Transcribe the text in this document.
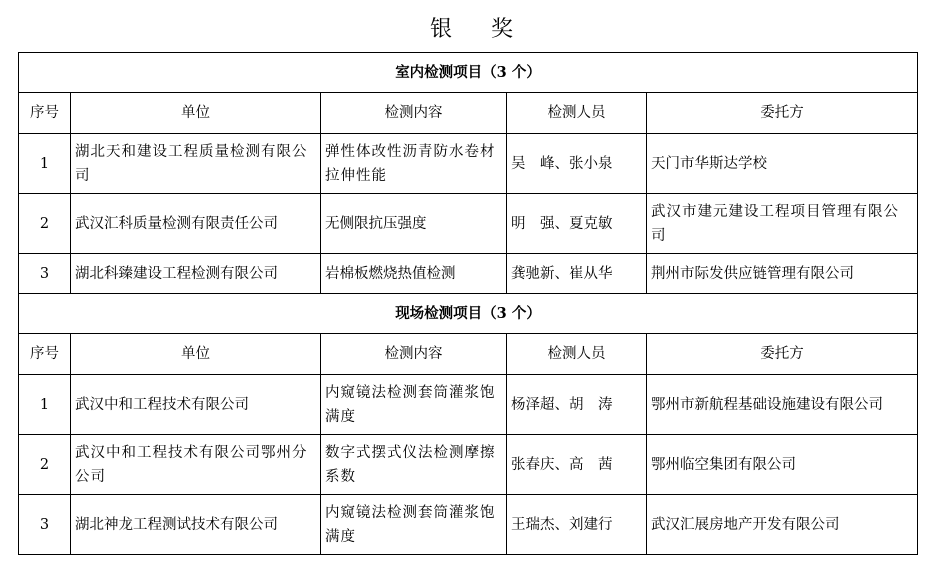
银 奖
室内检测项目（3 个）				
序号	单位	检测内容	检测人员	委托方
1	湖北天和建设工程质量检测有限公司	弹性体改性沥青防水卷材拉伸性能	吴　峰、张小泉	天门市华斯达学校
2	武汉汇科质量检测有限责任公司	无侧限抗压强度	明　强、夏克敏	武汉市建元建设工程项目管理有限公司
3	湖北科臻建设工程检测有限公司	岩棉板燃烧热值检测	龚驰新、崔从华	荆州市际发供应链管理有限公司
现场检测项目（3 个）				
序号	单位	检测内容	检测人员	委托方
1	武汉中和工程技术有限公司	内窥镜法检测套筒灌浆饱满度	杨泽超、胡　涛	鄂州市新航程基础设施建设有限公司
2	武汉中和工程技术有限公司鄂州分公司	数字式摆式仪法检测摩擦系数	张春庆、高　茜	鄂州临空集团有限公司
3	湖北神龙工程测试技术有限公司	内窥镜法检测套筒灌浆饱满度	王瑞杰、刘建行	武汉汇展房地产开发有限公司
